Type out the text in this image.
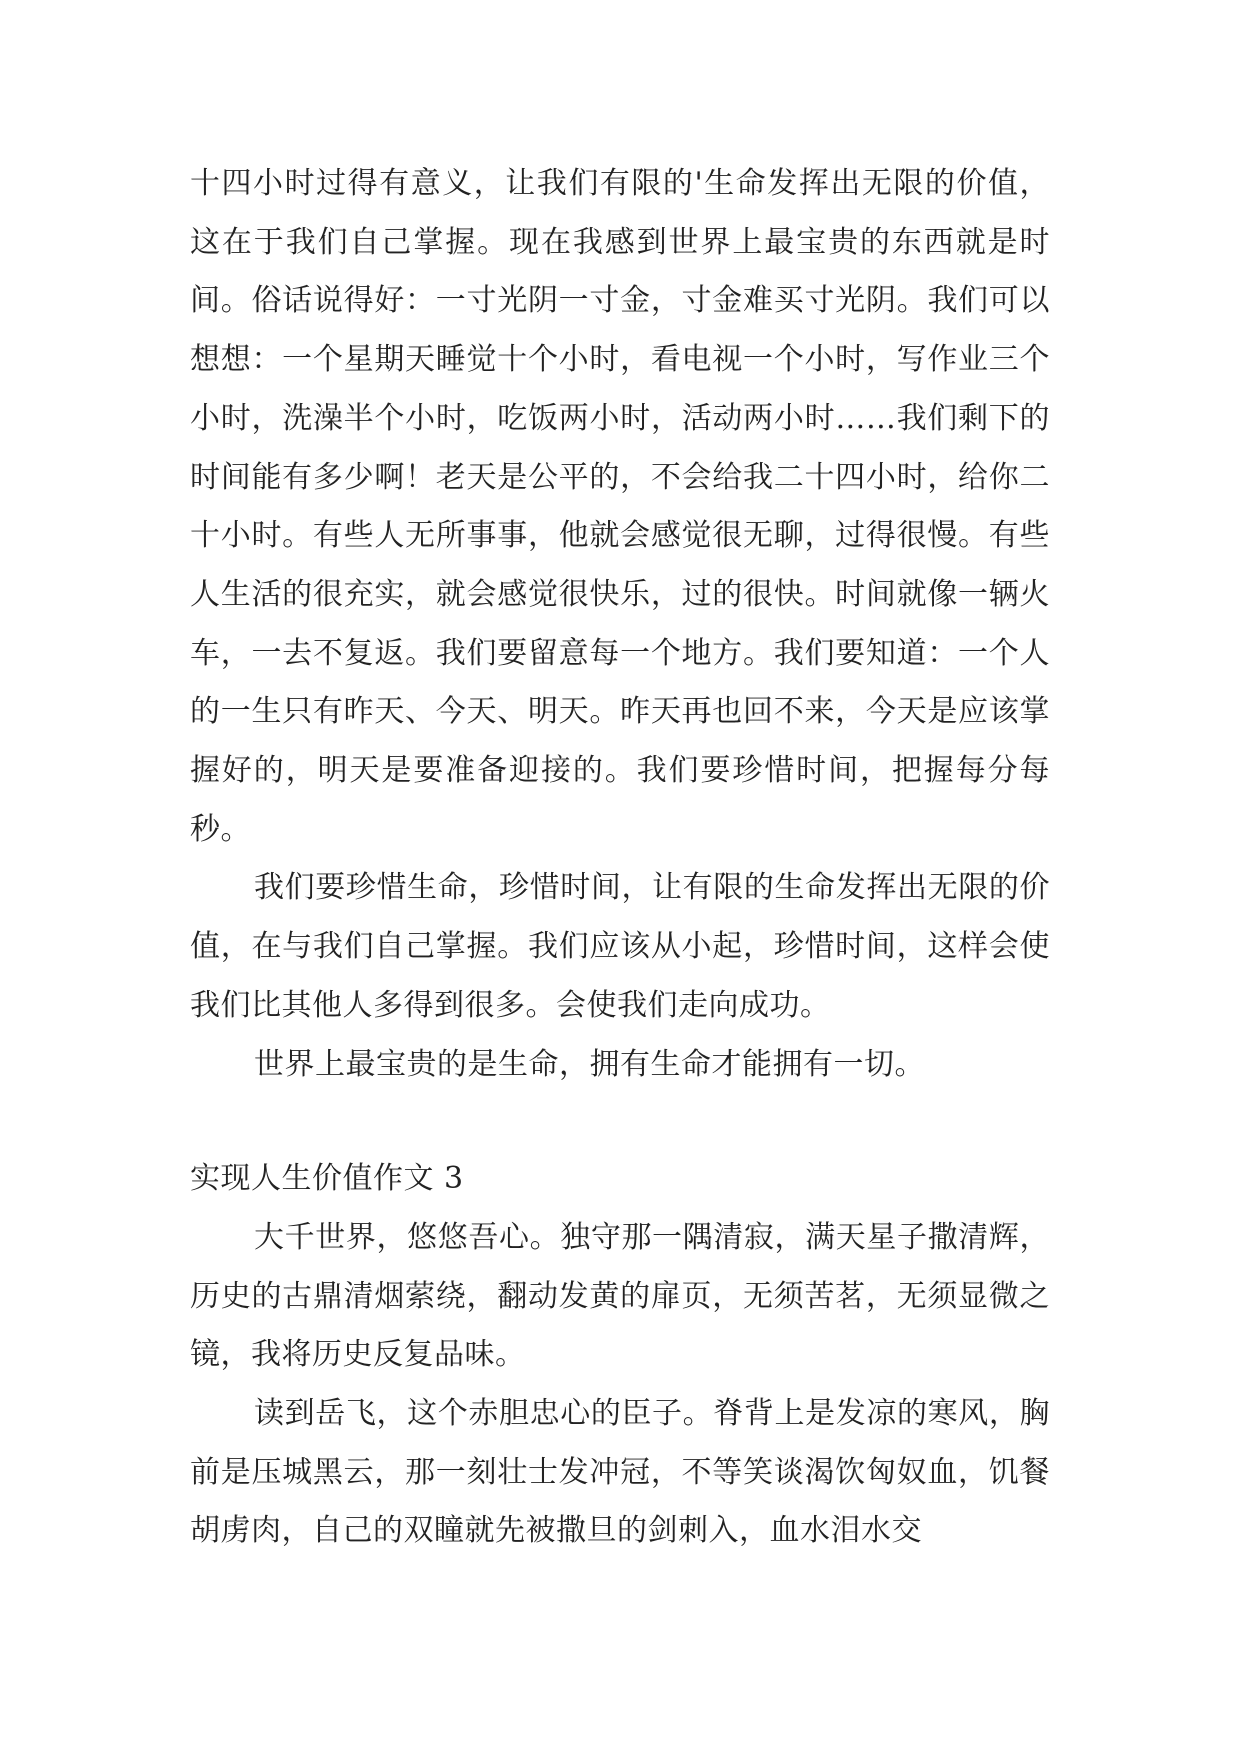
十四小时过得有意义，让我们有限的'生命发挥出无限的价值，这在于我们自己掌握。现在我感到世界上最宝贵的东西就是时间。俗话说得好：一寸光阴一寸金，寸金难买寸光阴。我们可以想想：一个星期天睡觉十个小时，看电视一个小时，写作业三个小时，洗澡半个小时，吃饭两小时，活动两小时……我们剩下的时间能有多少啊！老天是公平的，不会给我二十四小时，给你二十小时。有些人无所事事，他就会感觉很无聊，过得很慢。有些人生活的很充实，就会感觉很快乐，过的很快。时间就像一辆火车，一去不复返。我们要留意每一个地方。我们要知道：一个人的一生只有昨天、今天、明天。昨天再也回不来，今天是应该掌握好的，明天是要准备迎接的。我们要珍惜时间，把握每分每秒。

我们要珍惜生命，珍惜时间，让有限的生命发挥出无限的价值，在与我们自己掌握。我们应该从小起，珍惜时间，这样会使我们比其他人多得到很多。会使我们走向成功。

世界上最宝贵的是生命，拥有生命才能拥有一切。

实现人生价值作文 3

大千世界，悠悠吾心。独守那一隅清寂，满天星子撒清辉，历史的古鼎清烟萦绕，翻动发黄的扉页，无须苦茗，无须显微之镜，我将历史反复品味。

读到岳飞，这个赤胆忠心的臣子。脊背上是发凉的寒风，胸前是压城黑云，那一刻壮士发冲冠，不等笑谈渴饮匈奴血，饥餐胡虏肉，自己的双瞳就先被撒旦的剑刺入，血水泪水交
